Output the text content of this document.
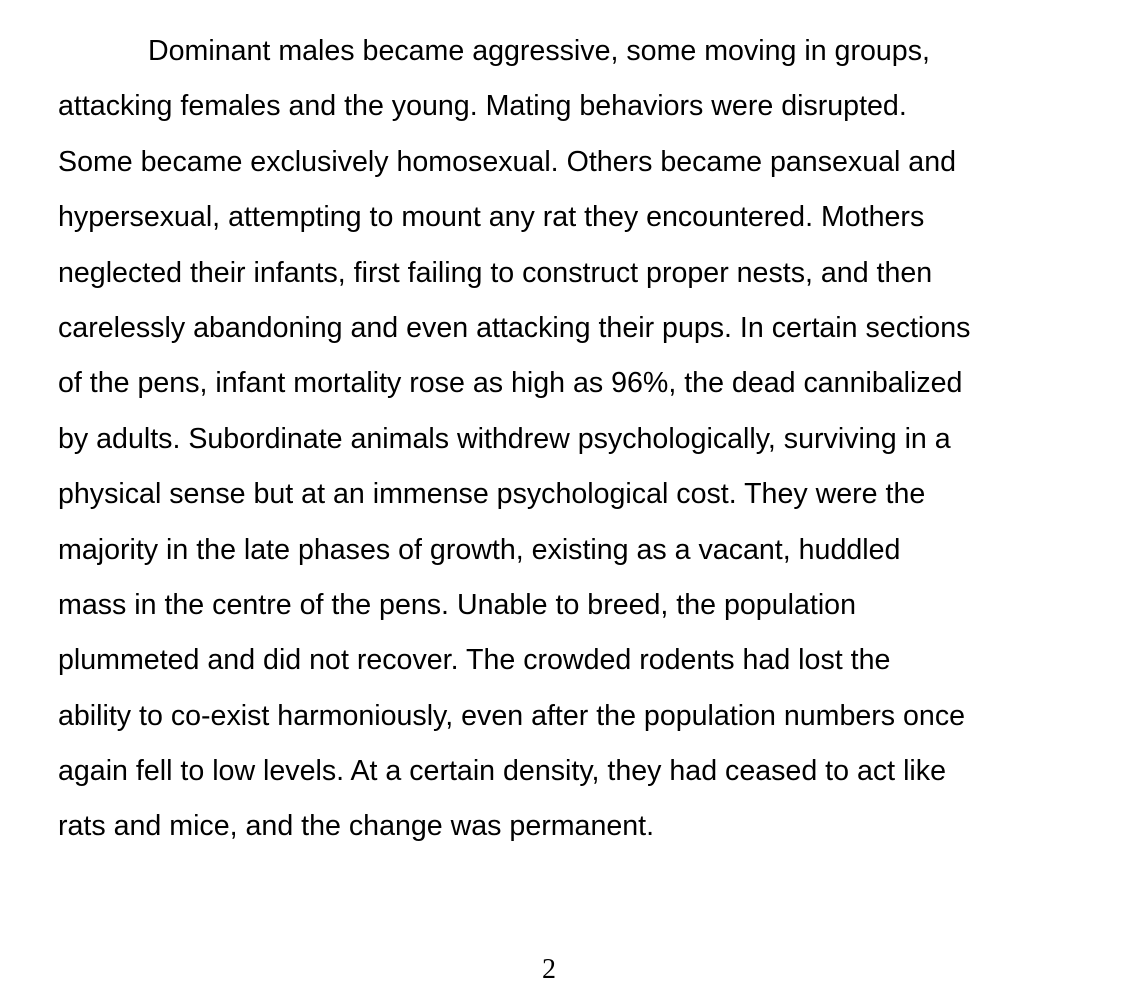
Dominant males became aggressive, some moving in groups,
attacking females and the young. Mating behaviors were disrupted.
Some became exclusively homosexual. Others became pansexual and
hypersexual, attempting to mount any rat they encountered. Mothers
neglected their infants, first failing to construct proper nests, and then
carelessly abandoning and even attacking their pups. In certain sections
of the pens, infant mortality rose as high as 96%, the dead cannibalized
by adults. Subordinate animals withdrew psychologically, surviving in a
physical sense but at an immense psychological cost. They were the
majority in the late phases of growth, existing as a vacant, huddled
mass in the centre of the pens. Unable to breed, the population
plummeted and did not recover. The crowded rodents had lost the
ability to co-exist harmoniously, even after the population numbers once
again fell to low levels. At a certain density, they had ceased to act like
rats and mice, and the change was permanent.
2
